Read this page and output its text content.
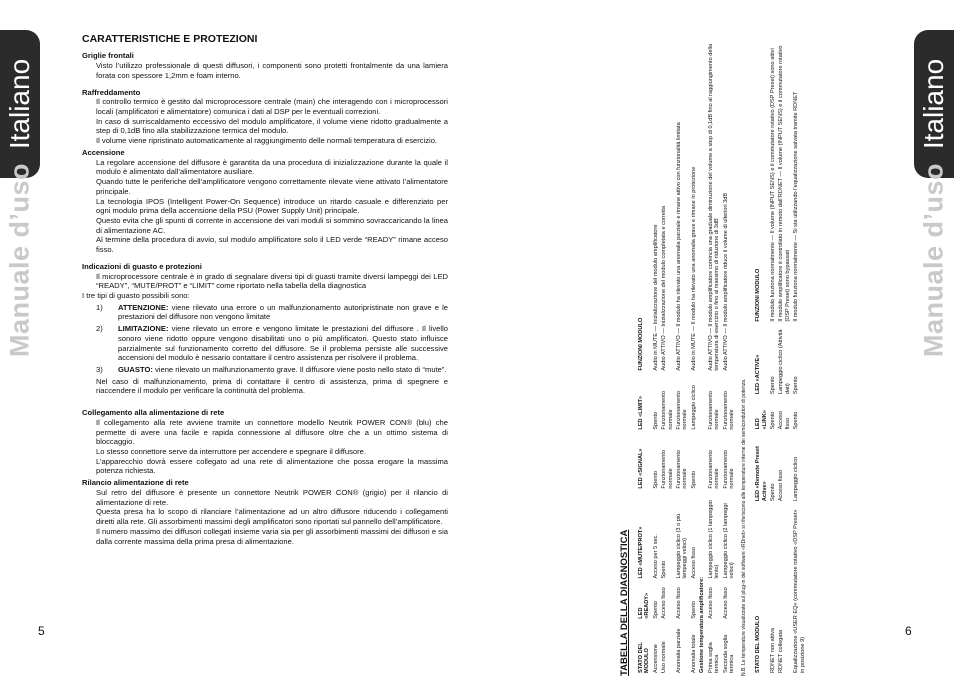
Italiano
Manuale d’uso
5
CARATTERISTICHE E PROTEZIONI
Griglie frontali
Visto l’utilizzo professionale di questi diffusori, i componenti sono protetti frontalmente da una lamiera forata con spessore 1,2mm e foam interno.
Raffreddamento
Il controllo termico è gestito dal microprocessore centrale (main) che interagendo con i microprocessori locali (amplificatori e alimentatore) comunica i dati al DSP per le eventuali correzioni.
In caso di surriscaldamento eccessivo del modulo amplificatore, il volume viene ridotto gradualmente a step di 0,1dB fino alla stabilizzazione termica del modulo.
Il volume viene ripristinato automaticamente al raggiungimento delle normali temperatura di esercizio.
Accensione
La regolare accensione del diffusore è garantita da una procedura di inizializzazione durante la quale il modulo è alimentato dall’alimentatore ausiliare.
Quando tutte le periferiche dell’amplificatore vengono correttamente rilevate viene attivato l’alimentatore principale.
La tecnologia IPOS (Intelligent Power-On Sequence) introduce un ritardo casuale e differenziato per ogni modulo prima della accensione della PSU (Power Supply Unit) principale.
Questo evita che gli spunti di corrente in accensione dei vari moduli si sommino sovraccaricando la linea di alimentazione AC.
Al termine della procedura di avvio, sul modulo amplificatore solo il LED verde “READY” rimane acceso fisso.
Indicazioni di guasto e protezioni
Il microprocessore centrale è in grado di segnalare diversi tipi di guasti tramite diversi lampeggi dei LED “READY”, “MUTE/PROT” e “LIMIT” come riportato nella tabella della diagnostica
I tre tipi di guasto possibili sono:
1)	ATTENZIONE: viene rilevato una errore o un malfunzionamento autoripristinate non grave e le prestazioni del diffusore non vengono limitate
2)	LIMITAZIONE: viene rilevato un errore e vengono limitate le prestazioni del diffusore . Il livello sonoro viene ridotto oppure vengono disabilitati uno o più amplificatori. Questo stato influisce parzialmente sul funzionamento corretto del diffusore. Se il problema persiste alle successive accensioni del modulo è nessario contattare il centro assistenza per risolvere il problema.
3)	GUASTO: viene rilevato un malfunzionamento grave. Il diffusore viene posto nello stato di “mute”.
Nel caso di malfunzionamento, prima di contattare il centro di assistenza, prima di spegnere e riaccendere il modulo per verificare la continuità del problema.
Collegamento alla alimentazione di rete
Il collegamento alla rete avviene tramite un connettore modello Neutrik POWER CON® (blu) che permette di avere una facile e rapida connessione al diffusore oltre che a un ottimo sistema di bloccaggio.
Lo stesso connettore serve da interruttore per accendere e spegnare il diffusore.
L’apparecchio dovrà essere collegato ad una rete di alimentazione che possa erogare la massima potenza richiesta.
Rilancio alimentazione di rete
Sul retro del diffusore è presente un connettore Neutrik POWER CON® (grigio) per il rilancio di alimentazione di rete.
Questa presa ha lo scopo di rilanciare l’alimentazione ad un altro diffusore riducendo i collegamenti diretti alla rete. Gli assorbimenti massimi degli amplificatori sono riportati sul pannello dell’amplificatore.
Il numero massimo dei diffusori collegati insieme varia sia per gli assorbimenti massimi dei diffusori e sia dalla corrente massima della prima presa di alimentazione.
Italiano
Manuale d’uso
6
TABELLA DELLA DIAGNOSTICA STATO DEL MODULO	LED «READY»	LED «MUTE/PROT»	LED «SIGNAL»	LED «LIMIT»	FUNZIONI MODULO
Accensione	Spento	Acceso per 5 sec.	Spento	Spento	Audio in MUTE — Inizializzazione del modulo amplificatore
Uso normale	Acceso fisso	Spento	Funzionamento normale	Funzionamento normale	Audio ATTIVO — Inizializzazione del modulo completata e corretta
Anomalia parziale	Acceso fisso	Lampeggio ciclico (3 o più lampeggi veloci)	Funzionamento normale	Funzionamento normale	Audio ATTIVO — Il modulo ha rilevato una anomalia parziale e rimane attivo con funzionalità limitata
Anomalia totale	Spento	Acceso fisso	Spento	Lampeggio ciclico	Audio in MUTE — Il modulo ha rilevato una anomalia grave e rimane in protezione
Gestione temperatura amplificatore:					
Prima soglia termica	Acceso fisso	Lampeggio ciclico (1 lampeggio lento)	Funzionamento normale	Funzionamento normale	Audio ATTIVO — Il modulo amplificatore comincia una graduale diminuzione del volume a step di 0,1dB fino al raggiungimento della temperatura di esercizio o fino al massimo di riduzione di 3dB
Seconda soglia termica	Acceso fisso	Lampeggio ciclico (2 lampeggi veloci)	Funzionamento normale	Funzionamento normale	Audio ATTIVO — Il modulo amplificatore riduce il volume di ulteriori 3dB
N.B. Le temperature visualizzate sul plug-in del software «RDnet» si riferiscono alle temperature interne dei semiconduttori di potenza. STATO DEL MODULO	LED «Remote Preset Active»	LED «LINK»	LED «ACTIVE»	FUNZIONI MODULO
RDNET non attiva	Spento	Spento	Spento	Il modulo funziona normalmente — Il volume (INPUT SENS) e il commutatore rotativo (DSP Preset) sono attivi
RDNET collegata	Acceso fisso	Acceso fisso	Lampeggio ciclico (Attività dati)	Il modulo amplificatore è controllato in remoto dall’RDNET — Il volume (INPUT SENS) e il commutatore rotativo (DSP Preset) sono bypassati
Equalizzazione «USER EQ» (commutatore rotativo «DSP Preset» in posizione 9)	Lampeggio ciclico	Spento	Spento	Il modulo funziona normalmente — Si sta utilizzando l’equalizzazione salvata tramite RDNET
